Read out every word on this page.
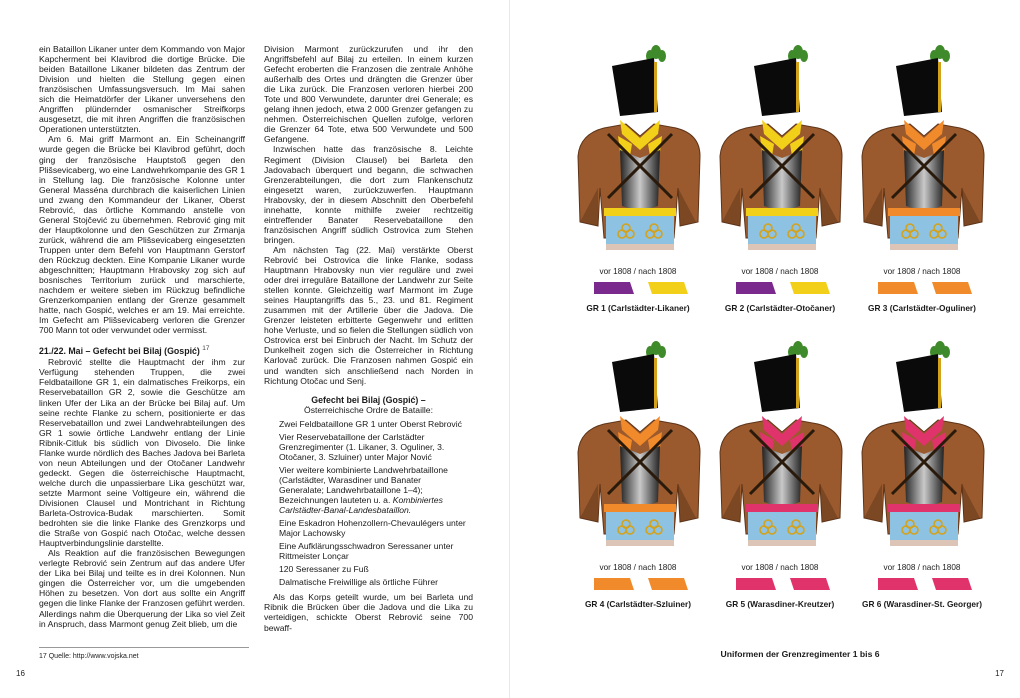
ein Bataillon Likaner unter dem Kommando von Major Kapcherment bei Klavibrod die dortige Brücke. Die beiden Bataillone Likaner bildeten das Zentrum der Division und hielten die Stellung gegen einen französischen Umfassungsversuch. Im Mai sahen sich die Heimatdörfer der Likaner unversehens den Angriffen plündernder osmanischer Streifkorps ausgesetzt, die mit ihren Angriffen die französischen Operationen unterstützten.

Am 6. Mai griff Marmont an. Ein Scheinangriff wurde gegen die Brücke bei Klavibrod geführt, doch ging der französische Hauptstoß gegen den Plišsevicaberg, wo eine Landwehrkompanie des GR 1 in Stellung lag. Die französische Kolonne unter General Masséna durchbrach die kaiserlichen Linien und zwang den Kommandeur der Likaner, Oberst Rebrović, das örtliche Kommando anstelle von General Stojčević zu übernehmen. Rebrović ging mit der Hauptkolonne und den Geschützen zur Zrmanja zurück, während die am Plišsevicaberg eingesetzten Truppen unter dem Befehl von Hauptmann Gerstorf den Rückzug deckten. Eine Kompanie Likaner wurde abgeschnitten; Hauptmann Hrabovsky zog sich auf bosnisches Territorium zurück und marschierte, nachdem er weitere sieben im Rückzug befindliche Grenzerkompanien entlang der Grenze gesammelt hatte, nach Gospić, welches er am 19. Mai erreichte. Im Gefecht am Plišsevicaberg verloren die Grenzer 700 Mann tot oder verwundet oder vermisst.

21./22. Mai – Gefecht bei Bilaj (Gospić) $^{17}$

Rebrović stellte die Hauptmacht der ihm zur Verfügung stehenden Truppen, die zwei Feldbataillone GR 1, ein dalmatisches Freikorps, ein Reservebataillon GR 2, sowie die Geschütze am linken Ufer der Lika an der Brücke bei Bilaj auf. Um seine rechte Flanke zu schern, positionierte er das Reservebataillon und zwei Landwehrabteilungen des GR 1 sowie örtliche Landwehr entlang der Linie Ribnik-Citluk bis südlich von Divoselo. Die linke Flanke wurde nördlich des Baches Jadova bei Barleta von neun Abteilungen und der Otočaner Landwehr gedeckt. Gegen die österreichische Hauptmacht, welche durch die unpassierbare Lika geschützt war, setzte Marmont seine Voltigeure ein, während die Divisionen Clausel und Montrichant in Richtung Barleta-Ostrovica-Budak marschierten. Somit bedrohten sie die linke Flanke des Grenzkorps und die Straße von Gospić nach Otočac, welche dessen Hauptverbindungslinie darstellte.

Als Reaktion auf die französischen Bewegungen verlegte Rebrović sein Zentrum auf das andere Ufer der Lika bei Bilaj und teilte es in drei Kolonnen. Nun gingen die Österreicher vor, um die umgebenden Höhen zu besetzen. Von dort aus sollte ein Angriff gegen die linke Flanke der Franzosen geführt werden. Allerdings nahm die Überquerung der Lika so viel Zeit in Anspruch, dass Marmont genug Zeit blieb, um die

Division Marmont zurückzurufen und ihr den Angriffsbefehl auf Bilaj zu erteilen. In einem kurzen Gefecht eroberten die Franzosen die zentrale Anhöhe außerhalb des Ortes und drängten die Grenzer über die Lika zurück. Die Franzosen verloren hierbei 200 Tote und 800 Verwundete, darunter drei Generale; es gelang ihnen jedoch, etwa 2 000 Grenzer gefangen zu nehmen. Österreichischen Quellen zufolge, verloren die Grenzer 64 Tote, etwa 500 Verwundete und 500 Gefangene.

Inzwischen hatte das französische 8. Leichte Regiment (Division Clausel) bei Barleta den Jadovabach überquert und begann, die schwachen Grenzerabteilungen, die dort zum Flankenschutz eingesetzt waren, zurückzuwerfen. Hauptmann Hrabovsky, der in diesem Abschnitt den Oberbefehl innehatte, konnte mithilfe zweier rechtzeitig eintreffender Banater Reservebataillone den französischen Angriff südlich Ostrovica zum Stehen bringen.

Am nächsten Tag (22. Mai) verstärkte Oberst Rebrović bei Ostrovica die linke Flanke, sodass Hauptmann Hrabovsky nun vier reguläre und zwei oder drei irreguläre Bataillone der Landwehr zur Seite stellen konnte. Gleichzeitig warf Marmont im Zuge seines Hauptangriffs das 5., 23. und 81. Regiment zusammen mit der Artillerie über die Jadova. Die Grenzer leisteten erbitterte Gegenwehr und erlitten hohe Verluste, und so fielen die Stellungen südlich von Ostrovica erst bei Einbruch der Nacht. Im Schutz der Dunkelheit zogen sich die Österreicher in Richtung Karlovač zurück. Die Franzosen nahmen Gospić ein und wandten sich anschließend nach Norden in Richtung Otočac und Senj.

Gefecht bei Bilaj (Gospić) –
Österreichische Ordre de Bataille:

Zwei Feldbataillone GR 1 unter Oberst Rebrović

Vier Reservebataillone der Carlstädter Grenzregimenter (1. Likaner, 3. Oguliner, 3. Otočaner, 3. Szluiner) unter Major Nović

Vier weitere kombinierte Landwehrbataillone (Carlstädter, Warasdiner und Banater Generalate; Landwehrbataillone 1–4); Bezeichnungen lauteten u. a. Kombiniertes Carlstädter-Banal-Landesbataillon.

Eine Eskadron Hohenzollern-Chevaulégers unter Major Lachowsky

Eine Aufklärungsschwadron Seressaner unter Rittmeister Lonçar

120 Seressaner zu Fuß

Dalmatische Freiwillige als örtliche Führer

Als das Korps geteilt wurde, um bei Barleta und Ribnik die Brücken über die Jadova und die Lika zu verteidigen, schickte Oberst Rebrović seine 700 bewaff-

17 Quelle: http://www.vojska.net
16
vor 1808 / nach 1808
GR 1 (Carlstädter-Likaner)
vor 1808 / nach 1808
GR 2 (Carlstädter-Otočaner)
vor 1808 / nach 1808
GR 3 (Carlstädter-Oguliner)
vor 1808 / nach 1808
GR 4 (Carlstädter-Szluiner)
vor 1808 / nach 1808
GR 5 (Warasdiner-Kreutzer)
vor 1808 / nach 1808
GR 6 (Warasdiner-St. Georger)
Uniformen der Grenzregimenter 1 bis 6
17
